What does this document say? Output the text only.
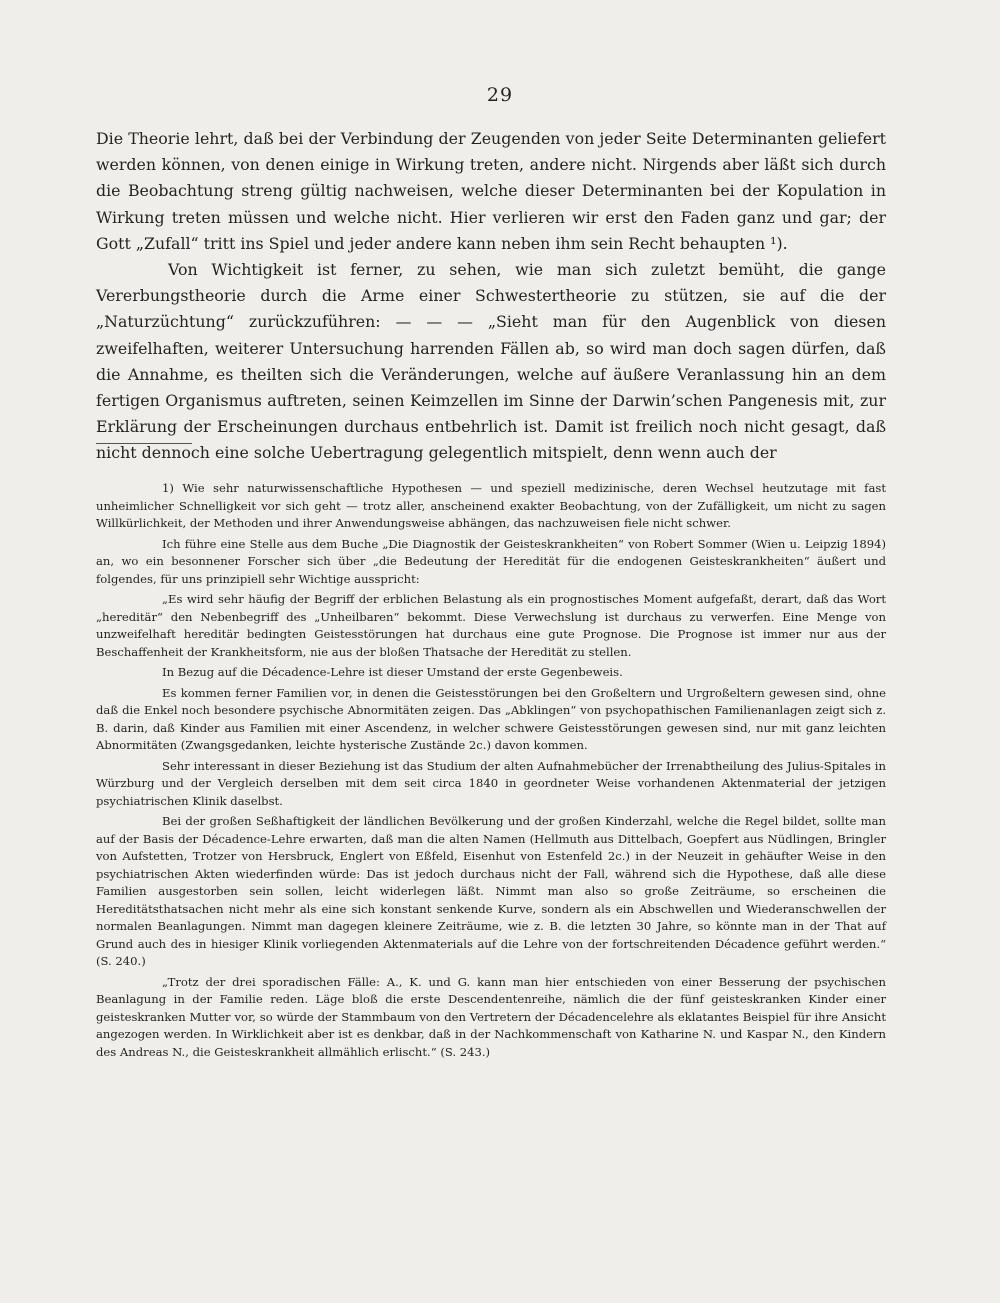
29

Die Theorie lehrt, daß bei der Verbindung der Zeugenden von jeder Seite Determinanten geliefert werden können, von denen einige in Wirkung treten, andere nicht. Nirgends aber läßt sich durch die Beobachtung streng gültig nachweisen, welche dieser Determinanten bei der Kopulation in Wirkung treten müssen und welche nicht. Hier verlieren wir erst den Faden ganz und gar; der Gott „Zufall“ tritt ins Spiel und jeder andere kann neben ihm sein Recht behaupten ¹).

Von Wichtigkeit ist ferner, zu sehen, wie man sich zuletzt bemüht, die gange Vererbungstheorie durch die Arme einer Schwestertheorie zu stützen, sie auf die der „Naturzüchtung“ zurückzuführen: — — — „Sieht man für den Augenblick von diesen zweifelhaften, weiterer Untersuchung harrenden Fällen ab, so wird man doch sagen dürfen, daß die Annahme, es theilten sich die Veränderungen, welche auf äußere Veranlassung hin an dem fertigen Organismus auftreten, seinen Keimzellen im Sinne der Darwin’schen Pangenesis mit, zur Erklärung der Erscheinungen durchaus entbehrlich ist. Damit ist freilich noch nicht gesagt, daß nicht dennoch eine solche Uebertragung gelegentlich mitspielt, denn wenn auch der

1) Wie sehr naturwissenschaftliche Hypothesen — und speziell medizinische, deren Wechsel heutzutage mit fast unheimlicher Schnelligkeit vor sich geht — trotz aller, anscheinend exakter Beobachtung, von der Zufälligkeit, um nicht zu sagen Willkürlichkeit, der Methoden und ihrer Anwendungsweise abhängen, das nachzuweisen fiele nicht schwer.

Ich führe eine Stelle aus dem Buche „Die Diagnostik der Geisteskrankheiten“ von Robert Sommer (Wien u. Leipzig 1894) an, wo ein besonnener Forscher sich über „die Bedeutung der Heredität für die endogenen Geisteskrankheiten“ äußert und folgendes, für uns prinzipiell sehr Wichtige ausspricht:

„Es wird sehr häufig der Begriff der erblichen Belastung als ein prognostisches Moment aufgefaßt, derart, daß das Wort „hereditär“ den Nebenbegriff des „Unheilbaren“ bekommt. Diese Verwechslung ist durchaus zu verwerfen. Eine Menge von unzweifelhaft hereditär bedingten Geistesstörungen hat durchaus eine gute Prognose. Die Prognose ist immer nur aus der Beschaffenheit der Krankheitsform, nie aus der bloßen Thatsache der Heredität zu stellen.

In Bezug auf die Décadence-Lehre ist dieser Umstand der erste Gegenbeweis.

Es kommen ferner Familien vor, in denen die Geistesstörungen bei den Großeltern und Urgroßeltern gewesen sind, ohne daß die Enkel noch besondere psychische Abnormitäten zeigen. Das „Abklingen“ von psychopathischen Familienanlagen zeigt sich z. B. darin, daß Kinder aus Familien mit einer Ascendenz, in welcher schwere Geistesstörungen gewesen sind, nur mit ganz leichten Abnormitäten (Zwangsgedanken, leichte hysterische Zustände 2c.) davon kommen.

Sehr interessant in dieser Beziehung ist das Studium der alten Aufnahmebücher der Irrenabtheilung des Julius-Spitales in Würzburg und der Vergleich derselben mit dem seit circa 1840 in geordneter Weise vorhandenen Aktenmaterial der jetzigen psychiatrischen Klinik daselbst.

Bei der großen Seßhaftigkeit der ländlichen Bevölkerung und der großen Kinderzahl, welche die Regel bildet, sollte man auf der Basis der Décadence-Lehre erwarten, daß man die alten Namen (Hellmuth aus Dittelbach, Goepfert aus Nüdlingen, Bringler von Aufstetten, Trotzer von Hersbruck, Englert von Eßfeld, Eisenhut von Estenfeld 2c.) in der Neuzeit in gehäufter Weise in den psychiatrischen Akten wiederfinden würde: Das ist jedoch durchaus nicht der Fall, während sich die Hypothese, daß alle diese Familien ausgestorben sein sollen, leicht widerlegen läßt. Nimmt man also so große Zeiträume, so erscheinen die Hereditätsthatsachen nicht mehr als eine sich konstant senkende Kurve, sondern als ein Abschwellen und Wiederanschwellen der normalen Beanlagungen. Nimmt man dagegen kleinere Zeiträume, wie z. B. die letzten 30 Jahre, so könnte man in der That auf Grund auch des in hiesiger Klinik vorliegenden Aktenmaterials auf die Lehre von der fortschreitenden Décadence geführt werden.“ (S. 240.)

„Trotz der drei sporadischen Fälle: A., K. und G. kann man hier entschieden von einer Besserung der psychischen Beanlagung in der Familie reden. Läge bloß die erste Descendentenreihe, nämlich die der fünf geisteskranken Kinder einer geisteskranken Mutter vor, so würde der Stammbaum von den Vertretern der Décadencelehre als eklatantes Beispiel für ihre Ansicht angezogen werden. In Wirklichkeit aber ist es denkbar, daß in der Nachkommenschaft von Katharine N. und Kaspar N., den Kindern des Andreas N., die Geisteskrankheit allmählich erlischt.“ (S. 243.)
